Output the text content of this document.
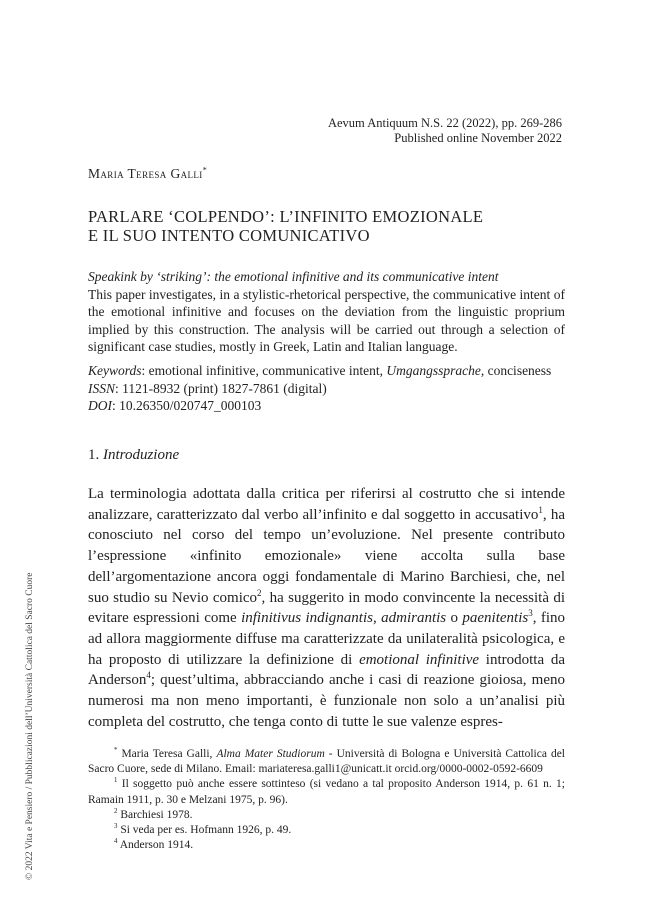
Aevum Antiquum N.S. 22 (2022), pp. 269-286
Published online November 2022
Maria Teresa Galli*
PARLARE ‘COLPENDO’: L’INFINITO EMOZIONALE
E IL SUO INTENTO COMUNICATIVO
Speakink by ‘striking’: the emotional infinitive and its communicative intent
This paper investigates, in a stylistic-rhetorical perspective, the communicative intent of the emotional infinitive and focuses on the deviation from the linguistic proprium implied by this construction. The analysis will be carried out through a selection of significant case studies, mostly in Greek, Latin and Italian language.
Keywords: emotional infinitive, communicative intent, Umgangssprache, conciseness
ISSN: 1121-8932 (print) 1827-7861 (digital)
DOI: 10.26350/020747_000103
1. Introduzione

La terminologia adottata dalla critica per riferirsi al costrutto che si intende analizzare, caratterizzato dal verbo all’infinito e dal soggetto in accusativo$^1$, ha conosciuto nel corso del tempo un’evoluzione. Nel presente contributo l’espressione «infinito emozionale» viene accolta sulla base dell’argomentazione ancora oggi fondamentale di Marino Barchiesi, che, nel suo studio su Nevio comico$^2$, ha suggerito in modo convincente la necessità di evitare espressioni come infinitivus indignantis, admirantis o paenitentis$^3$, fino ad allora maggiormente diffuse ma caratterizzate da unilateralità psicologica, e ha proposto di utilizzare la definizione di emotional infinitive introdotta da Anderson$^4$; quest’ultima, abbracciando anche i casi di reazione gioiosa, meno numerosi ma non meno importanti, è funzionale non solo a un’analisi più completa del costrutto, che tenga conto di tutte le sue valenze espres-

* Maria Teresa Galli, Alma Mater Studiorum - Università di Bologna e Università Cattolica del Sacro Cuore, sede di Milano. Email: mariateresa.galli1@unicatt.it orcid.org/0000-0002-0592-6609
$^1$ Il soggetto può anche essere sottinteso (si vedano a tal proposito Anderson 1914, p. 61 n. 1; Ramain 1911, p. 30 e Melzani 1975, p. 96).
$^2$ Barchiesi 1978.
$^3$ Si veda per es. Hofmann 1926, p. 49.
$^4$ Anderson 1914.
© 2022 Vita e Pensiero / Pubblicazioni dell’Università Cattolica del Sacro Cuore
